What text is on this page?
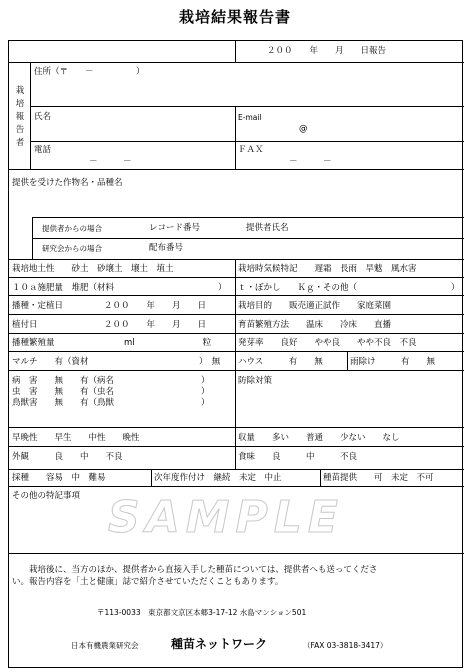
栽培結果報告書
２００　　年　　月　　日報告
栽
培
報
告
者
住所（〒　　－　　　　　）
氏名	E-mail
@
電話
－　　　－
ＦＡＸ
－　　　－
提供を受けた作物名・品種名
提供者からの場合	レコード番号	提供者氏名
研究会からの場合	配布番号
栽培地土性　　砂土　砂壌土　壌土　埴土	栽培時気候特記　　遅霜　長雨　旱魃　風水害
１０ａ施肥量　堆肥（材料	） ｔ・ぼかし　　Ｋｇ・その他（	）
播種・定植日	２００　　年　　月　　日	栽培目的　　販売適正試作　　家庭菜園
植付日	２００　　年　　月　　日	育苗繁殖方法　　温床　　冷床　　直播
播種繁殖量	ml　　　　　　　　粒	発芽率　　良好　　やや良　　やや不良　不良
マルチ　　有（資材	）　無 ハウス　　　有　　無	雨除け　　　有　　無
病　害　　無　　有（病名	）
虫　害　　無　　有（虫名	）
鳥獣害　　無　　有（鳥獣	）
防除対策
早晩性　　早生　　中性　　晩性	収量　　多い　　普通　　少ない　　なし
外観　　　良　　中　　不良	食味　　良　　　中　　　不良
採種　　容易　中　難易	次年度作付け　継続　未定　中止	種苗提供　　可　未定　不可
その他の特記事項
栽培後に、当方のほか、提供者から直接入手した種苗については、提供者へも送ってくださ
い。報告内容を「土と健康」誌で紹介させていただくこともあります。
〒113-0033　東京都文京区本郷3-17-12 水島マンション501
日本有機農業研究会	種苗ネットワーク	（FAX 03-3818-3417）
SAMPLE
